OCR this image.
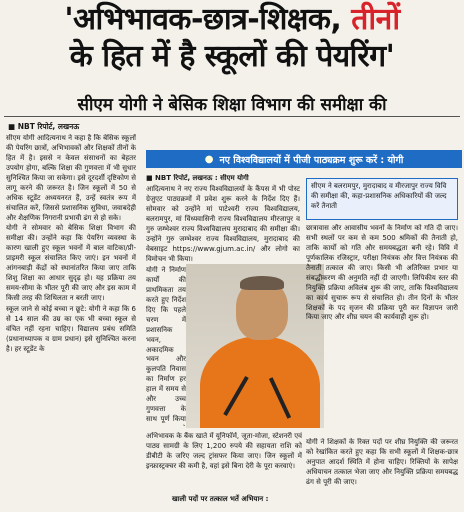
'अभिभावक-छात्र-शिक्षक, तीनों
के हित में है स्कूलों की पेयरिंग'
सीएम योगी ने बेसिक शिक्षा विभाग की समीक्षा की
■ NBT रिपोर्ट, लखनऊ

सीएम योगी आदित्यनाथ ने कहा है कि बेसिक स्कूलों की पेयरिंग छात्रों, अभिभावकों और शिक्षकों तीनों के हित में है। इससे न केवल संसाधनों का बेहतर उपयोग होगा, बल्कि शिक्षा की गुणवत्ता में भी सुधार सुनिश्चित किया जा सकेगा। इसे दूरदर्शी दृष्टिकोण से लागू करने की जरूरत है। जिन स्कूलों में 50 से अधिक स्टूडेंट अध्ययनरत हैं, उन्हें स्वतंत्र रूप में संचालित करें, जिससे प्रशासनिक सुविधा, जवाबदेही और शैक्षणिक निगरानी प्रभावी ढंग से हो सके।

योगी ने सोमवार को बेसिक शिक्षा विभाग की समीक्षा की। उन्होंने कहा कि पेयरिंग व्यवस्था के कारण खाली हुए स्कूल भवनों में बाल वाटिका/प्री-प्राइमरी स्कूल संचालित किए जाएं। इन भवनों में आंगनबाड़ी केंद्रों को स्थानांतरित किया जाए ताकि शिशु शिक्षा का आधार सुदृढ़ हो। यह प्रक्रिया तय समय-सीमा के भीतर पूरी की जाए और इस काम में किसी तरह की शिथिलता न बरती जाए।

स्कूल जाने से कोई बच्चा न छूटे: योगी ने कहा कि 6 से 14 साल की उम्र का एक भी बच्चा स्कूल से वंचित नहीं रहना चाहिए। विद्यालय प्रबंध समिति (प्रधानाध्यापक व ग्राम प्रधान) इसे सुनिश्चित करना है। हर स्टूडेंट के

● नए विश्वविद्यालयों में पीजी पाठ्यक्रम शुरू करें : योगी
सीएम ने बलरामपुर, मुरादाबाद व मीरजापुर राज्य विवि की समीक्षा की, कहा-प्रशासनिक अधिकारियों की जल्द करें तैनाती

■ NBT रिपोर्ट, लखनऊ : सीएम योगी

आदित्यनाथ ने नए राज्य विश्वविद्यालयों के कैंपस में भी पोस्ट ग्रेजुएट पाठ्यक्रमों में प्रवेश शुरू करने के निर्देश दिए हैं। सोमवार को उन्होंने मां पाटेश्वरी राज्य विश्वविद्यालय, बलरामपुर, मां विंध्यवासिनी राज्य विश्वविद्यालय मीरजापुर व गुरु जम्भेश्वर राज्य विश्वविद्यालय मुरादाबाद की समीक्षा की। उन्होंने गुरु जम्भेश्वर राज्य विश्वविद्यालय, मुरादाबाद की वेबसाइट https://www.gjum.ac.in/ और लोगो का विमोचन भी किया।

योगी ने निर्माण कार्यों की प्राथमिकता तय करते हुए निर्देश दिए कि पहले चरण में प्रशासनिक भवन, अकादमिक भवन और कुलपति निवास का निर्माण हर हाल में समय से और उच्च गुणवत्ता के साथ पूर्ण किया

छात्रावास और आवासीय भवनों के निर्माण को गति दी जाए। सभी स्थलों पर कम से कम 500 श्रमिकों की तैनाती हो, ताकि कार्यों को गति और समयबद्धता बनी रहे। विवि में पूर्णकालिक रजिस्ट्रार, परीक्षा नियंत्रक और वित्त नियंत्रक की तैनाती तत्काल की जाए। किसी भी अतिरिक्त प्रभार या संबद्धीकरण की अनुमति नहीं दी जाएगी। लिपिकीय स्तर की नियुक्ति प्रक्रिया अविलंब शुरू की जाए, ताकि विश्वविद्यालय का कार्य सुचारू रूप से संचालित हो। तीन दिनों के भीतर शिक्षकों के पद सृजन की प्रक्रिया पूरी कर विज्ञापन जारी किया जाए और शीघ्र चयन की कार्यवाही शुरू हो।

अभिभावक के बैंक खाते में यूनिफॉर्म, जूता-मोजा, स्टेशनरी एवं पाठ्य सामग्री के लिए 1,200 रुपये की सहायता राशि को डीबीटी के जरिए जल्द ट्रांसफर किया जाए। जिन स्कूलों में इन्फ्रास्ट्रक्चर की कमी है, वहां इसे बिना देरी के पूरा करवाएं।

खाली पदों पर तत्काल भर्ते अभियान :

योगी ने शिक्षकों के रिक्त पदों पर शीघ्र नियुक्ति की जरूरत को रेखांकित करते हुए कहा कि सभी स्कूलों में शिक्षक-छात्र अनुपात आदर्श स्थिति में होना चाहिए। रिक्तियों के सापेक्ष अधियाचन तत्काल भेजा जाए और नियुक्ति प्रक्रिया समयबद्ध ढंग से पूरी की जाए।
